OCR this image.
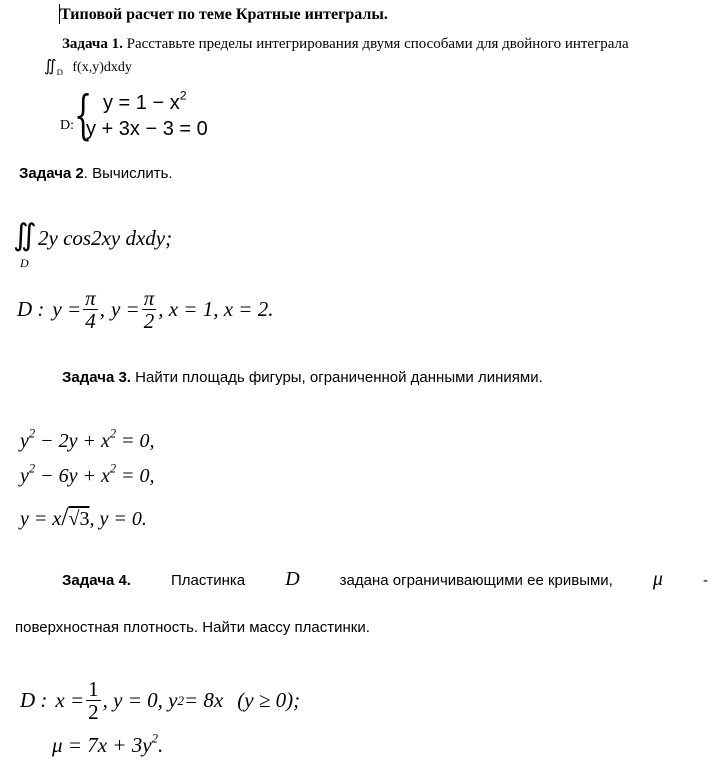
Типовой расчет по теме Кратные интегралы.
Задача 1. Расставьте пределы интегрирования двумя способами для двойного интеграла
$∬_D$ f(x,y)dxdy
D: { $y = 1 - x^2$
y + 3x − 3 = 0
Задача 2. Вычислить.
∬
D
2y cos2xy dxdy;
D : $y = \frac{\pi}{4}$ , $y = \frac{\pi}{2}$ , x = 1, x = 2.
Задача 3. Найти площадь фигуры, ограниченной данными линиями.
$y^2 - 2y + x^2 = 0$,
$y^2 - 6y + x^2 = 0$,
y = x/√3, y = 0.
Задача 4.	Пластинка D	задана ограничивающими ее кривыми, μ	-
поверхностная плотность. Найти массу пластинки.
D : $x = \frac{1}{2}$ , y = 0, y 2 = 8x (y ≥ 0);
$\mu = 7x + 3y^2$.
